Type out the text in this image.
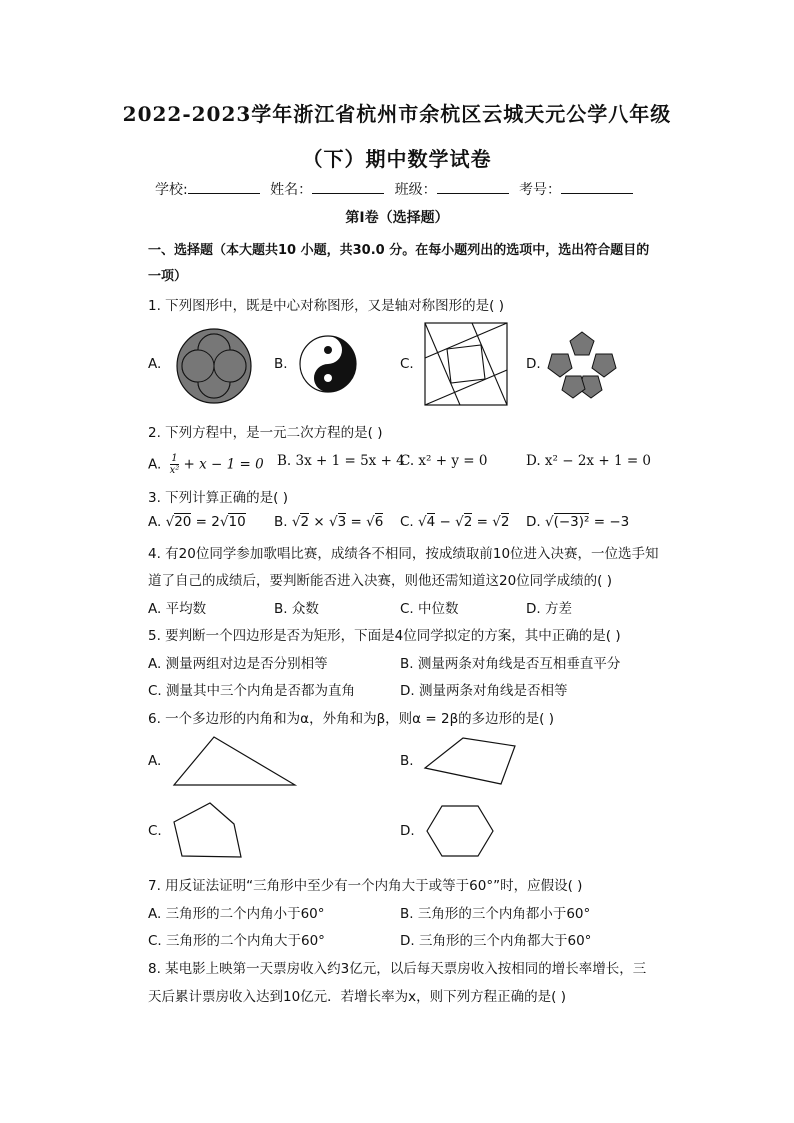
2022-2023学年浙江省杭州市余杭区云城天元公学八年级
（下）期中数学试卷
学校:	姓名：	班级：	考号：
第I卷（选择题）
一、选择题（本大题共10 小题，共30.0 分。在每小题列出的选项中，选出符合题目的
一项）
1. 下列图形中，既是中心对称图形，又是轴对称图形的是( )
A.	B.	C.	D.
2. 下列方程中，是一元二次方程的是( )
A. $\frac{1}{\text{x²}} + x - 1 = 0$ B. 3x + 1 = 5x + 4
C. x² + y = 0	D. x² − 2x + 1 = 0
3. 下列计算正确的是( )
A. √20 = 2√10 B. √2 × √3 = √6 C. √4 − √2 = √2 D. √(−3)² = −3
4. 有20位同学参加歌唱比赛，成绩各不相同，按成绩取前10位进入决赛，一位选手知
道了自己的成绩后，要判断能否进入决赛，则他还需知道这20位同学成绩的( )
A. 平均数	B. 众数	C. 中位数	D. 方差
5. 要判断一个四边形是否为矩形，下面是4位同学拟定的方案，其中正确的是( )
A. 测量两组对边是否分别相等	B. 测量两条对角线是否互相垂直平分
C. 测量其中三个内角是否都为直角	D. 测量两条对角线是否相等
6. 一个多边形的内角和为α，外角和为β，则α = 2β的多边形的是( )
A.	B.
C.	D.
7. 用反证法证明“三角形中至少有一个内角大于或等于60°”时，应假设( )
A. 三角形的二个内角小于60°	B. 三角形的三个内角都小于60°
C. 三角形的二个内角大于60°	D. 三角形的三个内角都大于60°
8. 某电影上映第一天票房收入约3亿元，以后每天票房收入按相同的增长率增长，三
天后累计票房收入达到10亿元．若增长率为x，则下列方程正确的是( )
